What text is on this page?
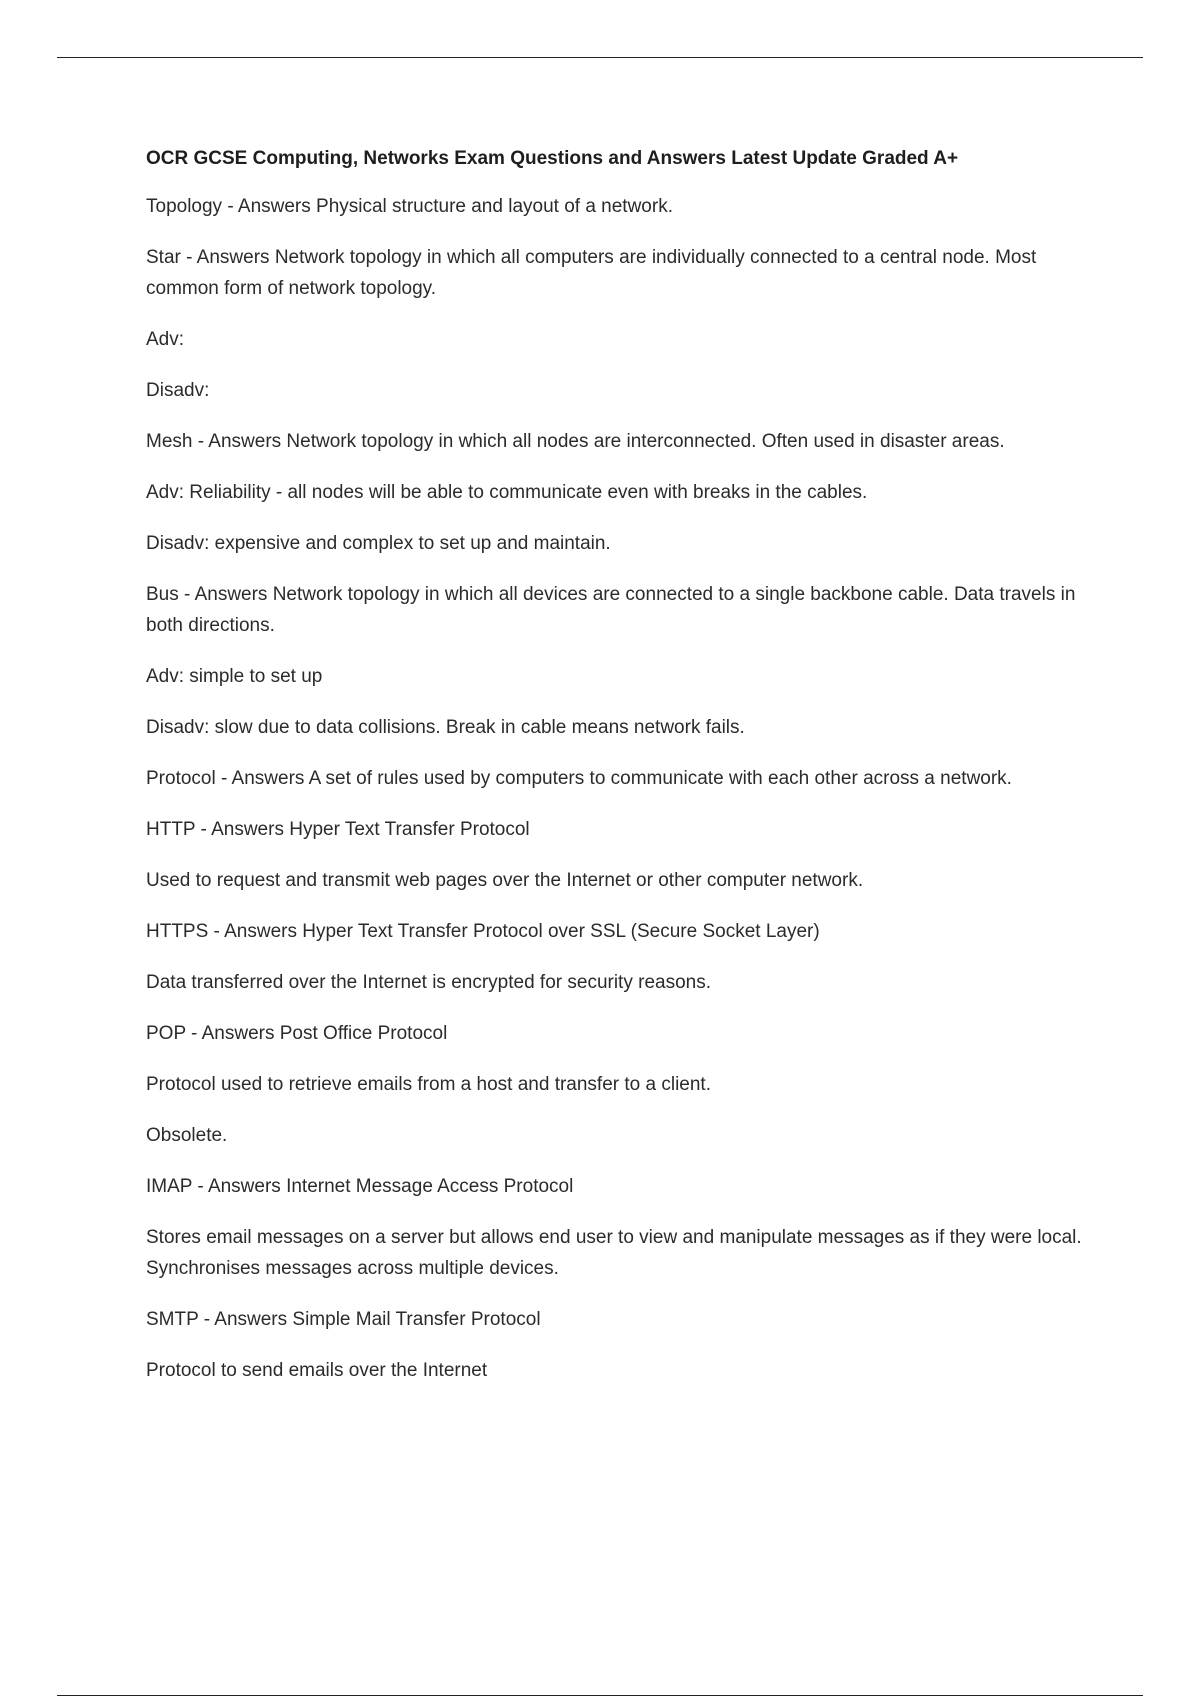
OCR GCSE Computing, Networks Exam Questions and Answers Latest Update Graded A+

Topology - Answers Physical structure and layout of a network.

Star - Answers Network topology in which all computers are individually connected to a central node. Most common form of network topology.

Adv:

Disadv:

Mesh - Answers Network topology in which all nodes are interconnected. Often used in disaster areas.

Adv: Reliability - all nodes will be able to communicate even with breaks in the cables.

Disadv: expensive and complex to set up and maintain.

Bus - Answers Network topology in which all devices are connected to a single backbone cable. Data travels in both directions.

Adv: simple to set up

Disadv: slow due to data collisions. Break in cable means network fails.

Protocol - Answers A set of rules used by computers to communicate with each other across a network.

HTTP - Answers Hyper Text Transfer Protocol

Used to request and transmit web pages over the Internet or other computer network.

HTTPS - Answers Hyper Text Transfer Protocol over SSL (Secure Socket Layer)

Data transferred over the Internet is encrypted for security reasons.

POP - Answers Post Office Protocol

Protocol used to retrieve emails from a host and transfer to a client.

Obsolete.

IMAP - Answers Internet Message Access Protocol

Stores email messages on a server but allows end user to view and manipulate messages as if they were local. Synchronises messages across multiple devices.

SMTP - Answers Simple Mail Transfer Protocol

Protocol to send emails over the Internet
